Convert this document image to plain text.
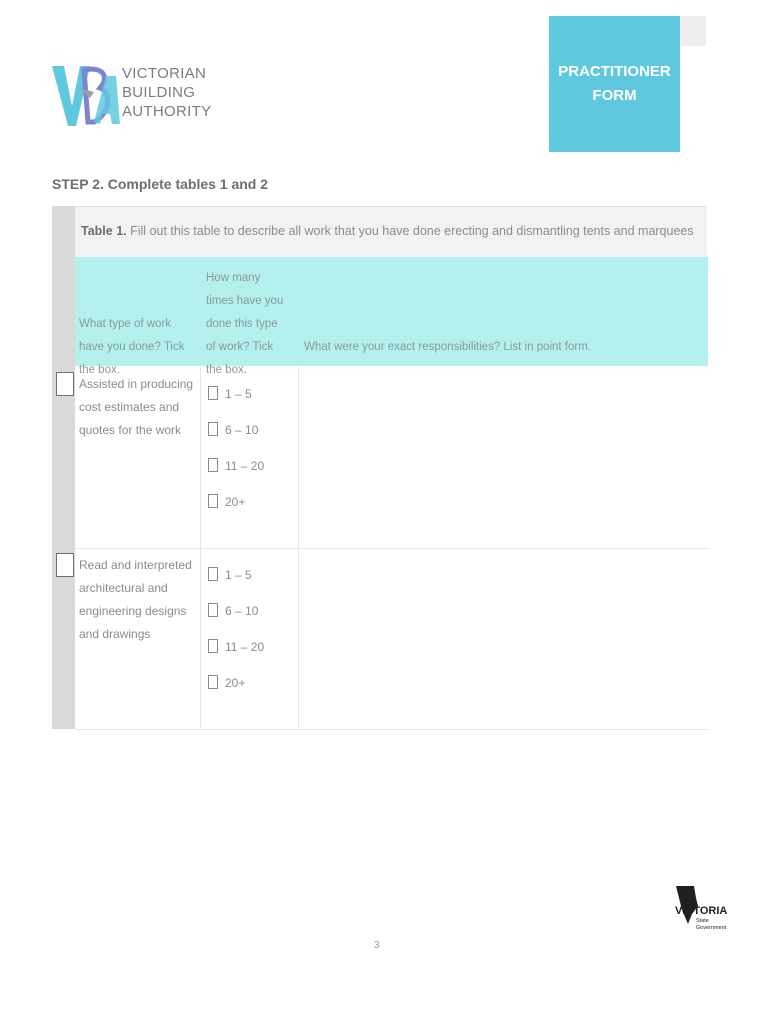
VICTORIAN
BUILDING
AUTHORITY
PRACTITIONER
FORM
STEP 2. Complete tables 1 and 2
Table 1. Fill out this table to describe all work that you have done erecting and dismantling tents and marquees
What type of work have you done? Tick the box.
How many times have you done this type of work? Tick the box.
What were your exact responsibilities? List in point form.
Assisted in producing cost estimates and quotes for the work
1 – 5
6 – 10
11 – 20
20+
Read and interpreted architectural and engineering designs and drawings
1 – 5
6 – 10
11 – 20
20+
3
VICTORIA
State
Government
